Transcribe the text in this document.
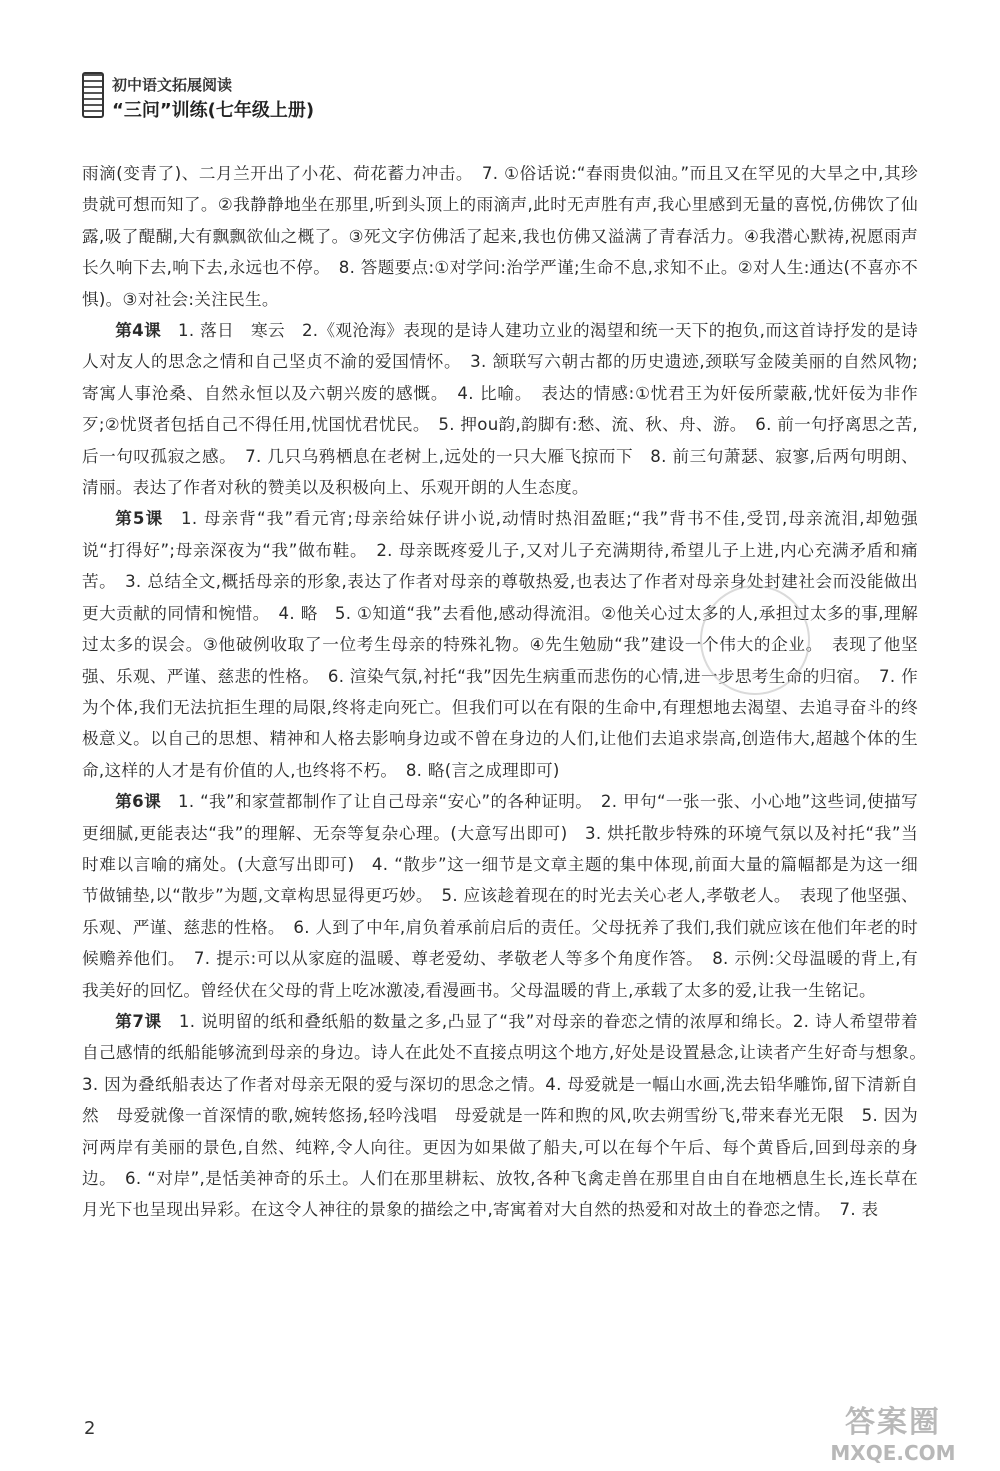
初中语文拓展阅读
“三问”训练(七年级上册)

雨滴(变青了)、二月兰开出了小花、荷花蓄力冲击。　7. ①俗话说:“春雨贵似油。”而且又在罕见的大旱之中,其珍贵就可想而知了。②我静静地坐在那里,听到头顶上的雨滴声,此时无声胜有声,我心里感到无量的喜悦,仿佛饮了仙露,吸了醍醐,大有飘飘欲仙之概了。③死文字仿佛活了起来,我也仿佛又溢满了青春活力。④我潜心默祷,祝愿雨声长久响下去,响下去,永远也不停。　8. 答题要点:①对学问:治学严谨;生命不息,求知不止。②对人生:通达(不喜亦不惧)。③对社会:关注民生。

第4课　1. 落日　寒云　2.《观沧海》表现的是诗人建功立业的渴望和统一天下的抱负,而这首诗抒发的是诗人对友人的思念之情和自己坚贞不渝的爱国情怀。　3. 颔联写六朝古都的历史遗迹,颈联写金陵美丽的自然风物;寄寓人事沧桑、自然永恒以及六朝兴废的感慨。　4. 比喻。　表达的情感:①忧君王为奸佞所蒙蔽,忧奸佞为非作歹;②忧贤者包括自己不得任用,忧国忧君忧民。　5. 押ou韵,韵脚有:愁、流、秋、舟、游。　6. 前一句抒离思之苦,后一句叹孤寂之感。　7. 几只乌鸦栖息在老树上,远处的一只大雁飞掠而下　8. 前三句萧瑟、寂寥,后两句明朗、清丽。表达了作者对秋的赞美以及积极向上、乐观开朗的人生态度。

第5课　1. 母亲背“我”看元宵;母亲给妹仔讲小说,动情时热泪盈眶;“我”背书不佳,受罚,母亲流泪,却勉强说“打得好”;母亲深夜为“我”做布鞋。　2. 母亲既疼爱儿子,又对儿子充满期待,希望儿子上进,内心充满矛盾和痛苦。　3. 总结全文,概括母亲的形象,表达了作者对母亲的尊敬热爱,也表达了作者对母亲身处封建社会而没能做出更大贡献的同情和惋惜。　4. 略　5. ①知道“我”去看他,感动得流泪。②他关心过太多的人,承担过太多的事,理解过太多的误会。③他破例收取了一位考生母亲的特殊礼物。④先生勉励“我”建设一个伟大的企业。　表现了他坚强、乐观、严谨、慈悲的性格。　6. 渲染气氛,衬托“我”因先生病重而悲伤的心情,进一步思考生命的归宿。　7. 作为个体,我们无法抗拒生理的局限,终将走向死亡。但我们可以在有限的生命中,有理想地去渴望、去追寻奋斗的终极意义。以自己的思想、精神和人格去影响身边或不曾在身边的人们,让他们去追求崇高,创造伟大,超越个体的生命,这样的人才是有价值的人,也终将不朽。　8. 略(言之成理即可)

第6课　1. “我”和家萱都制作了让自己母亲“安心”的各种证明。　2. 甲句“一张一张、小心地”这些词,使描写更细腻,更能表达“我”的理解、无奈等复杂心理。(大意写出即可)　3. 烘托散步特殊的环境气氛以及衬托“我”当时难以言喻的痛处。(大意写出即可)　4. “散步”这一细节是文章主题的集中体现,前面大量的篇幅都是为这一细节做铺垫,以“散步”为题,文章构思显得更巧妙。　5. 应该趁着现在的时光去关心老人,孝敬老人。　表现了他坚强、乐观、严谨、慈悲的性格。　6. 人到了中年,肩负着承前启后的责任。父母抚养了我们,我们就应该在他们年老的时候赡养他们。　7. 提示:可以从家庭的温暖、尊老爱幼、孝敬老人等多个角度作答。　8. 示例:父母温暖的背上,有我美好的回忆。曾经伏在父母的背上吃冰激凌,看漫画书。父母温暖的背上,承载了太多的爱,让我一生铭记。

第7课　1. 说明留的纸和叠纸船的数量之多,凸显了“我”对母亲的眷恋之情的浓厚和绵长。2. 诗人希望带着自己感情的纸船能够流到母亲的身边。诗人在此处不直接点明这个地方,好处是设置悬念,让读者产生好奇与想象。　3. 因为叠纸船表达了作者对母亲无限的爱与深切的思念之情。4. 母爱就是一幅山水画,洗去铅华雕饰,留下清新自然　母爱就像一首深情的歌,婉转悠扬,轻吟浅唱　母爱就是一阵和煦的风,吹去朔雪纷飞,带来春光无限　5. 因为河两岸有美丽的景色,自然、纯粹,令人向往。更因为如果做了船夫,可以在每个午后、每个黄昏后,回到母亲的身边。　6. “对岸”,是恬美神奇的乐土。人们在那里耕耘、放牧,各种飞禽走兽在那里自由自在地栖息生长,连长草在月光下也呈现出异彩。在这令人神往的景象的描绘之中,寄寓着对大自然的热爱和对故土的眷恋之情。　7. 表

2	答案圈
MXQE.COM
